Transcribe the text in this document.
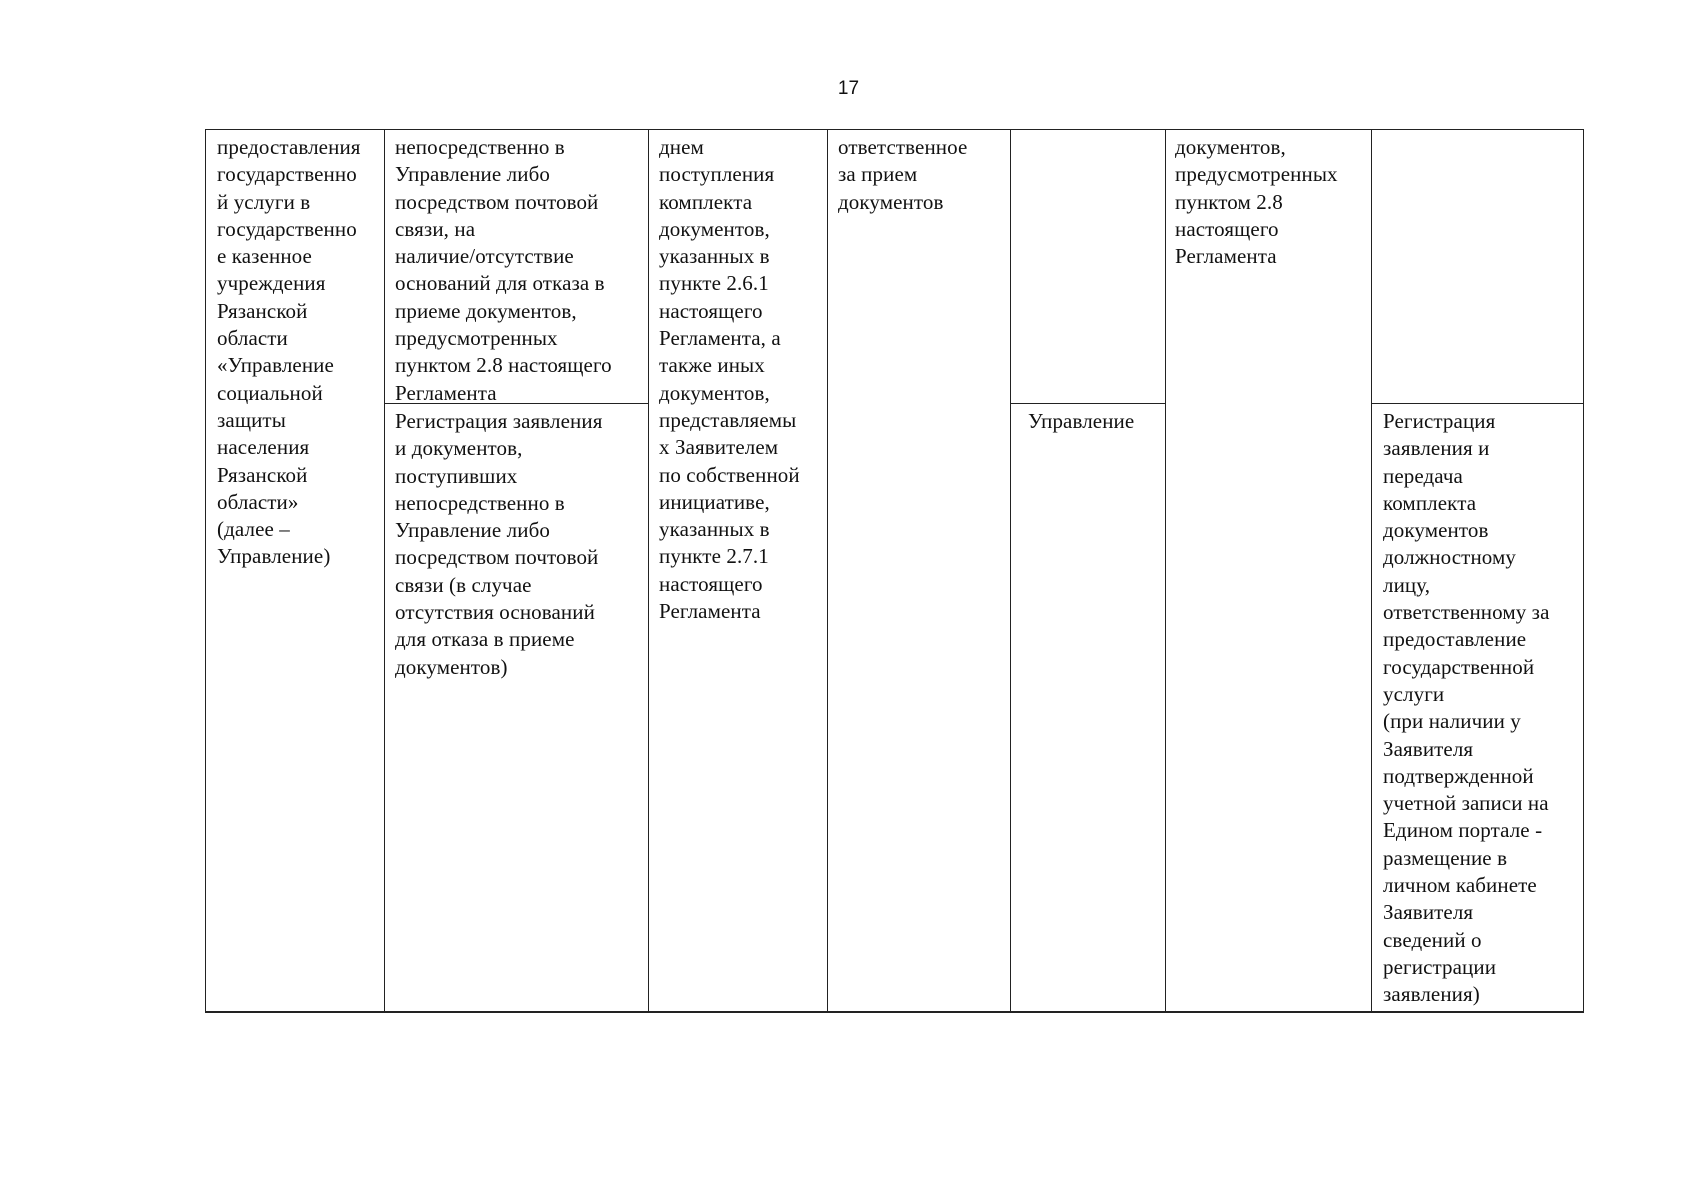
17
предоставления
государственно
й услуги в
государственно
е казенное
учреждения
Рязанской
области
«Управление
социальной
защиты
населения
Рязанской
области»
(далее –
Управление)
непосредственно в
Управление либо
посредством почтовой
связи, на
наличие/отсутствие
оснований для отказа в
приеме документов,
предусмотренных
пунктом 2.8 настоящего
Регламента
Регистрация заявления
и документов,
поступивших
непосредственно в
Управление либо
посредством почтовой
связи (в случае
отсутствия оснований
для отказа в приеме
документов)
днем
поступления
комплекта
документов,
указанных в
пункте 2.6.1
настоящего
Регламента, а
также иных
документов,
представляемы
х Заявителем
по собственной
инициативе,
указанных в
пункте 2.7.1
настоящего
Регламента
ответственное
за прием
документов
Управление
документов,
предусмотренных
пунктом 2.8
настоящего
Регламента
Регистрация
заявления и
передача
комплекта
документов
должностному
лицу,
ответственному за
предоставление
государственной
услуги
(при наличии у
Заявителя
подтвержденной
учетной записи на
Едином портале -
размещение в
личном кабинете
Заявителя
сведений о
регистрации
заявления)
